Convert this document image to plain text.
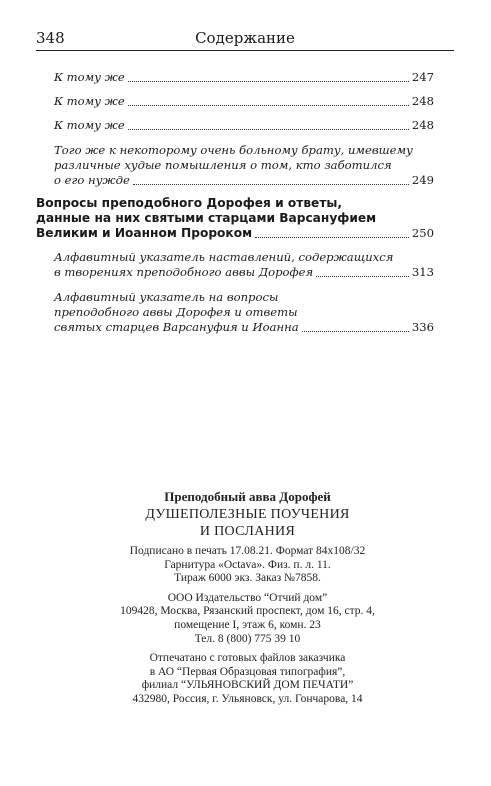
348	Содержание
К тому же	247
К тому же	248
К тому же	248
Того же к некоторому очень больному брату, имевшему
различные худые помышления о том, кто заботился
о его нужде	249
Вопросы преподобного Дорофея и ответы,
данные на них святыми старцами Варсануфием
Великим и Иоанном Пророком	250
Алфавитный указатель наставлений, содержащихся
в творениях преподобного аввы Дорофея	313
Алфавитный указатель на вопросы
преподобного аввы Дорофея и ответы
святых старцев Варсануфия и Иоанна	336
Преподобный авва Дорофей
ДУШЕПОЛЕЗНЫЕ ПОУЧЕНИЯ
И ПОСЛАНИЯ
Подписано в печать 17.08.21. Формат 84х108/32
Гарнитура «Octava». Физ. п. л. 11.
Тираж 6000 экз. Заказ №7858.
ООО Издательство “Отчий дом”
109428, Москва, Рязанский проспект, дом 16, стр. 4,
помещение I, этаж 6, комн. 23
Тел. 8 (800) 775 39 10
Отпечатано с готовых файлов заказчика
в АО “Первая Образцовая типография”,
филиал “УЛЬЯНОВСКИЙ ДОМ ПЕЧАТИ”
432980, Россия, г. Ульяновск, ул. Гончарова, 14
